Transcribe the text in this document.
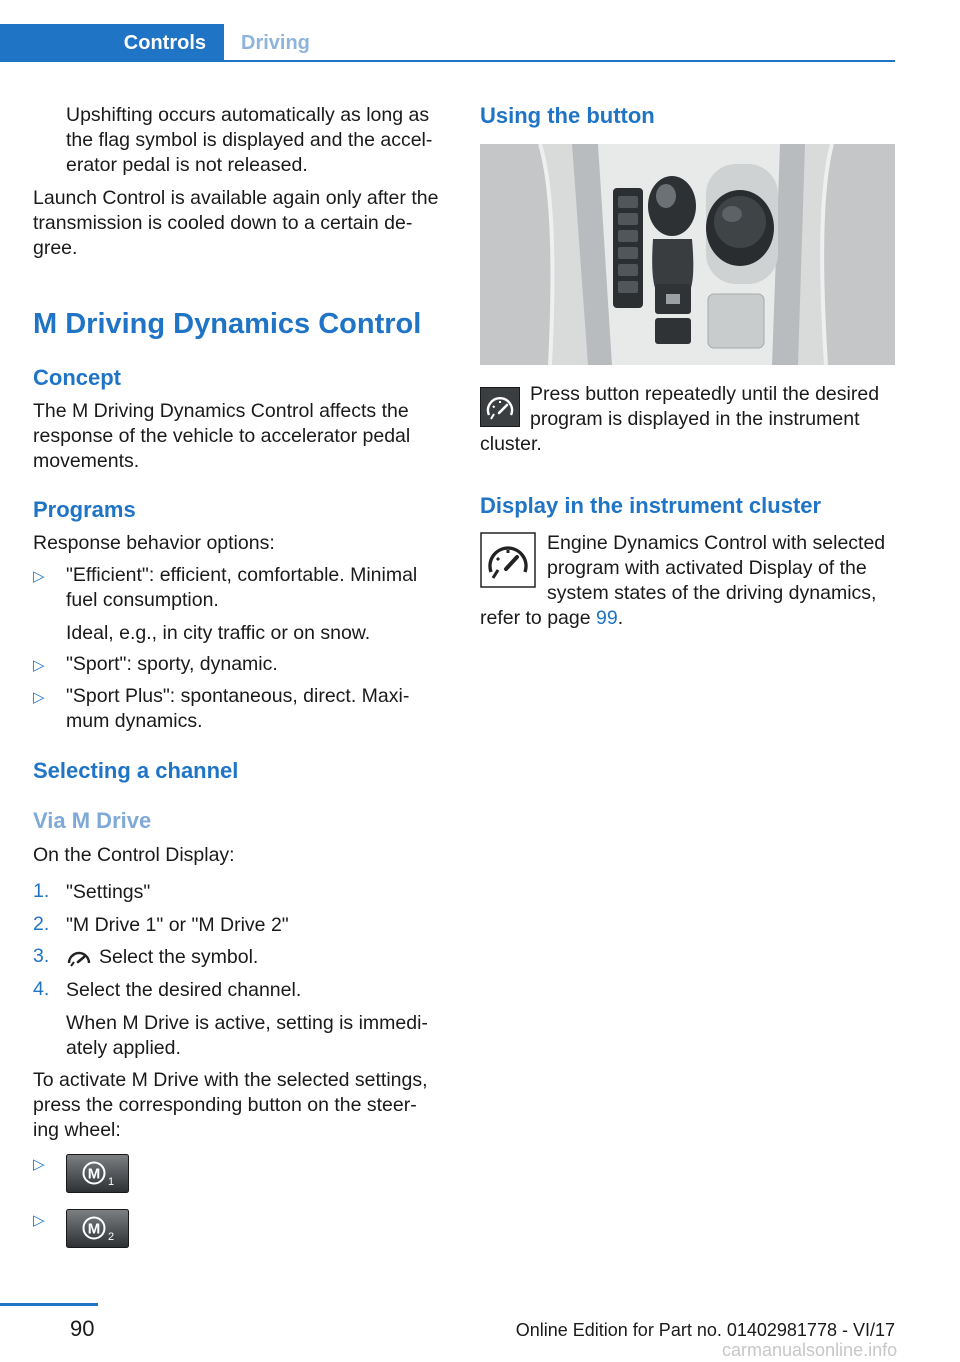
Controls	Driving
Upshifting occurs automatically as long as
the flag symbol is displayed and the accel‐
erator pedal is not released.
Launch Control is available again only after the
transmission is cooled down to a certain de‐
gree.
M Driving Dynamics Control
Concept
The M Driving Dynamics Control affects the
response of the vehicle to accelerator pedal
movements.
Programs
Response behavior options:
▷ "Efficient": efficient, comfortable. Minimal
fuel consumption.
Ideal, e.g., in city traffic or on snow.
▷ "Sport": sporty, dynamic.
▷ "Sport Plus": spontaneous, direct. Maxi‐
mum dynamics.
Selecting a channel
Via M Drive
On the Control Display:
1. "Settings"
2. "M Drive 1" or "M Drive 2"
3.	Select the symbol.
4. Select the desired channel.
When M Drive is active, setting is immedi‐
ately applied.
To activate M Drive with the selected settings,
press the corresponding button on the steer‐
ing wheel:
▷
M 1
▷	M 2
Using the button
Press button repeatedly until the desired
program is displayed in the instrument
cluster.
Display in the instrument cluster
Engine Dynamics Control with selected
program with activated Display of the
system states of the driving dynamics,
refer to page 99.
90	Online Edition for Part no. 01402981778 - VI/17
carmanualsonline.info
